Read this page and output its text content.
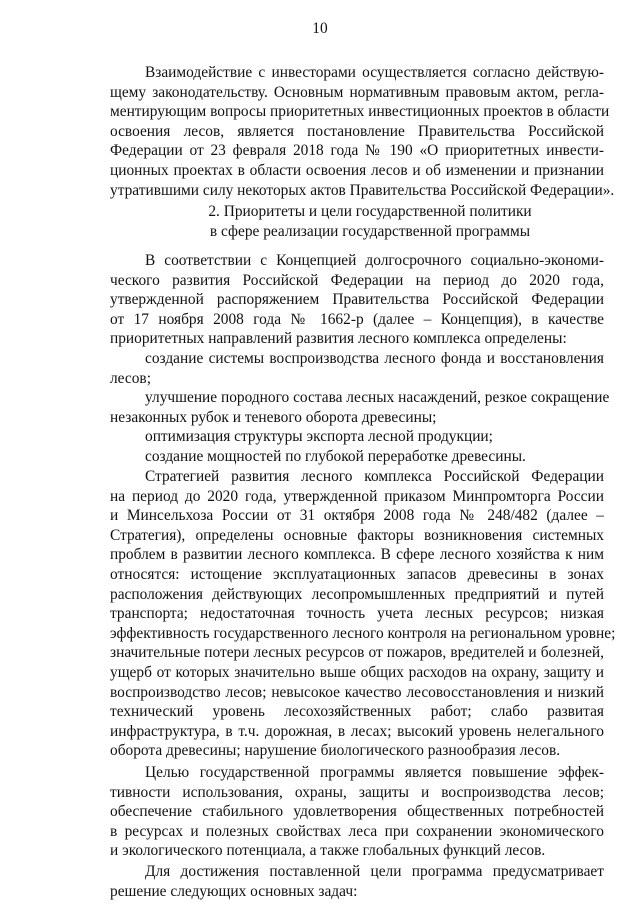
10
Взаимодействие с инвесторами осуществляется согласно действую-
щему законодательству. Основным нормативным правовым актом, регла-
ментирующим вопросы приоритетных инвестиционных проектов в области
освоения лесов, является постановление Правительства Российской
Федерации от 23 февраля 2018 года № 190 «О приоритетных инвести-
ционных проектах в области освоения лесов и об изменении и признании
утратившими силу некоторых актов Правительства Российской Федерации».
2. Приоритеты и цели государственной политики
в сфере реализации государственной программы
В соответствии с Концепцией долгосрочного социально-экономи-
ческого развития Российской Федерации на период до 2020 года,
утвержденной распоряжением Правительства Российской Федерации
от 17 ноября 2008 года № 1662-р (далее – Концепция), в качестве
приоритетных направлений развития лесного комплекса определены:
создание системы воспроизводства лесного фонда и восстановления
лесов;
улучшение породного состава лесных насаждений, резкое сокращение
незаконных рубок и теневого оборота древесины;
оптимизация структуры экспорта лесной продукции;
создание мощностей по глубокой переработке древесины.
Стратегией развития лесного комплекса Российской Федерации
на период до 2020 года, утвержденной приказом Минпромторга России
и Минсельхоза России от 31 октября 2008 года № 248/482 (далее –
Стратегия), определены основные факторы возникновения системных
проблем в развитии лесного комплекса. В сфере лесного хозяйства к ним
относятся: истощение эксплуатационных запасов древесины в зонах
расположения действующих лесопромышленных предприятий и путей
транспорта; недостаточная точность учета лесных ресурсов; низкая
эффективность государственного лесного контроля на региональном уровне;
значительные потери лесных ресурсов от пожаров, вредителей и болезней,
ущерб от которых значительно выше общих расходов на охрану, защиту и
воспроизводство лесов; невысокое качество лесовосстановления и низкий
технический уровень лесохозяйственных работ; слабо развитая
инфраструктура, в т.ч. дорожная, в лесах; высокий уровень нелегального
оборота древесины; нарушение биологического разнообразия лесов.
Целью государственной программы является повышение эффек-
тивности использования, охраны, защиты и воспроизводства лесов;
обеспечение стабильного удовлетворения общественных потребностей
в ресурсах и полезных свойствах леса при сохранении экономического
и экологического потенциала, а также глобальных функций лесов.
Для достижения поставленной цели программа предусматривает
решение следующих основных задач:
